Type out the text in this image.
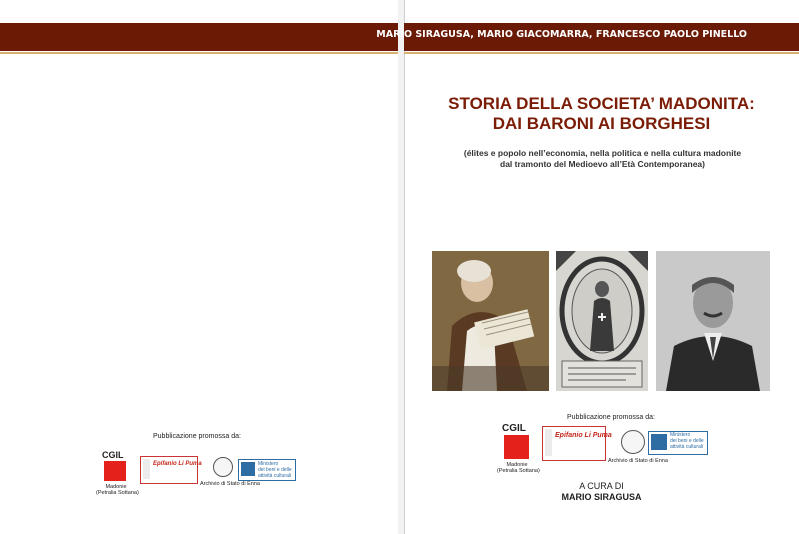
MARIO SIRAGUSA, MARIO GIACOMARRA, FRANCESCO PAOLO PINELLO
STORIA DELLA SOCIETA’ MADONITA:
DAI BARONI AI BORGHESI
(élites e popolo nell’economia, nella politica e nella cultura madonite
dal tramonto del Medioevo all’Età Contemporanea)
Pubblicazione promossa da:
CGIL
Madonie
(Petralia Sottana)
Epifanio Li Puma
Archivio di Stato di Enna
Ministero
dei beni e delle
attività culturali
Pubblicazione promossa da:
CGIL
Madonie
(Petralia Sottana)
Epifanio Li Puma
Archivio di Stato di Enna
Ministero
dei beni e delle
attività culturali
A CURA DI
MARIO SIRAGUSA
